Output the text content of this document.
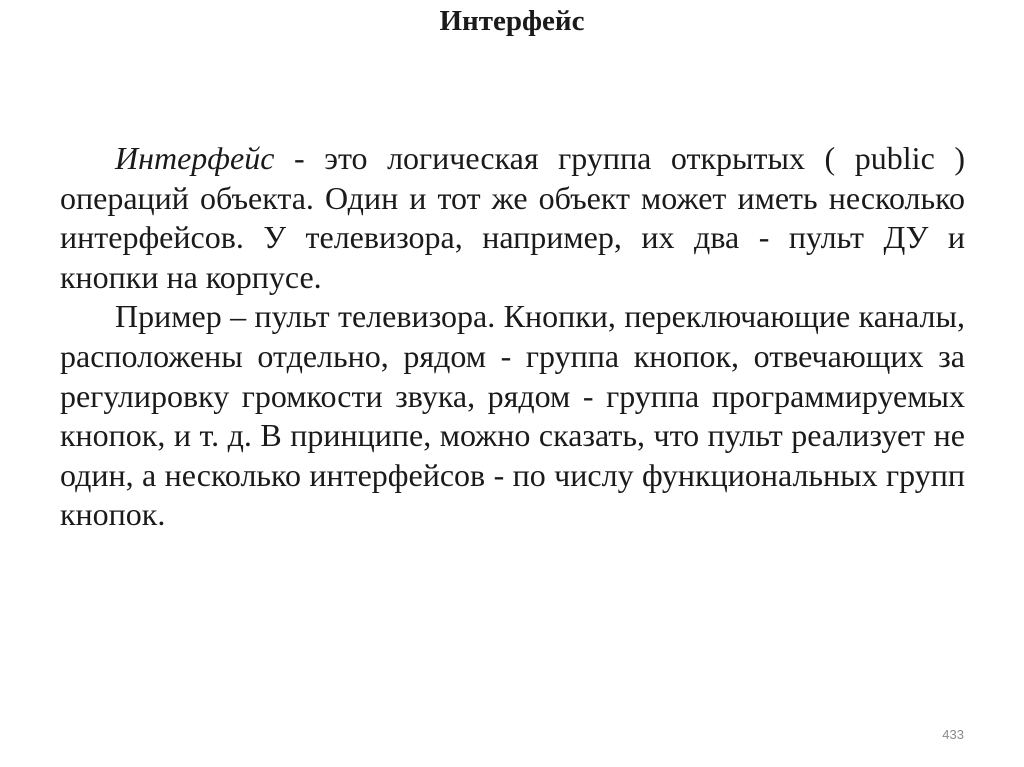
Интерфейс

Интерфейс - это логическая группа открытых ( public ) операций объекта. Один и тот же объект может иметь несколько интерфейсов. У телевизора, например, их два - пульт ДУ и кнопки на корпусе.

Пример – пульт телевизора. Кнопки, переключающие каналы, расположены отдельно, рядом - группа кнопок, отвечающих за регулировку громкости звука, рядом - группа программируемых кнопок, и т. д. В принципе, можно сказать, что пульт реализует не один, а несколько интерфейсов - по числу функциональных групп кнопок.

433
